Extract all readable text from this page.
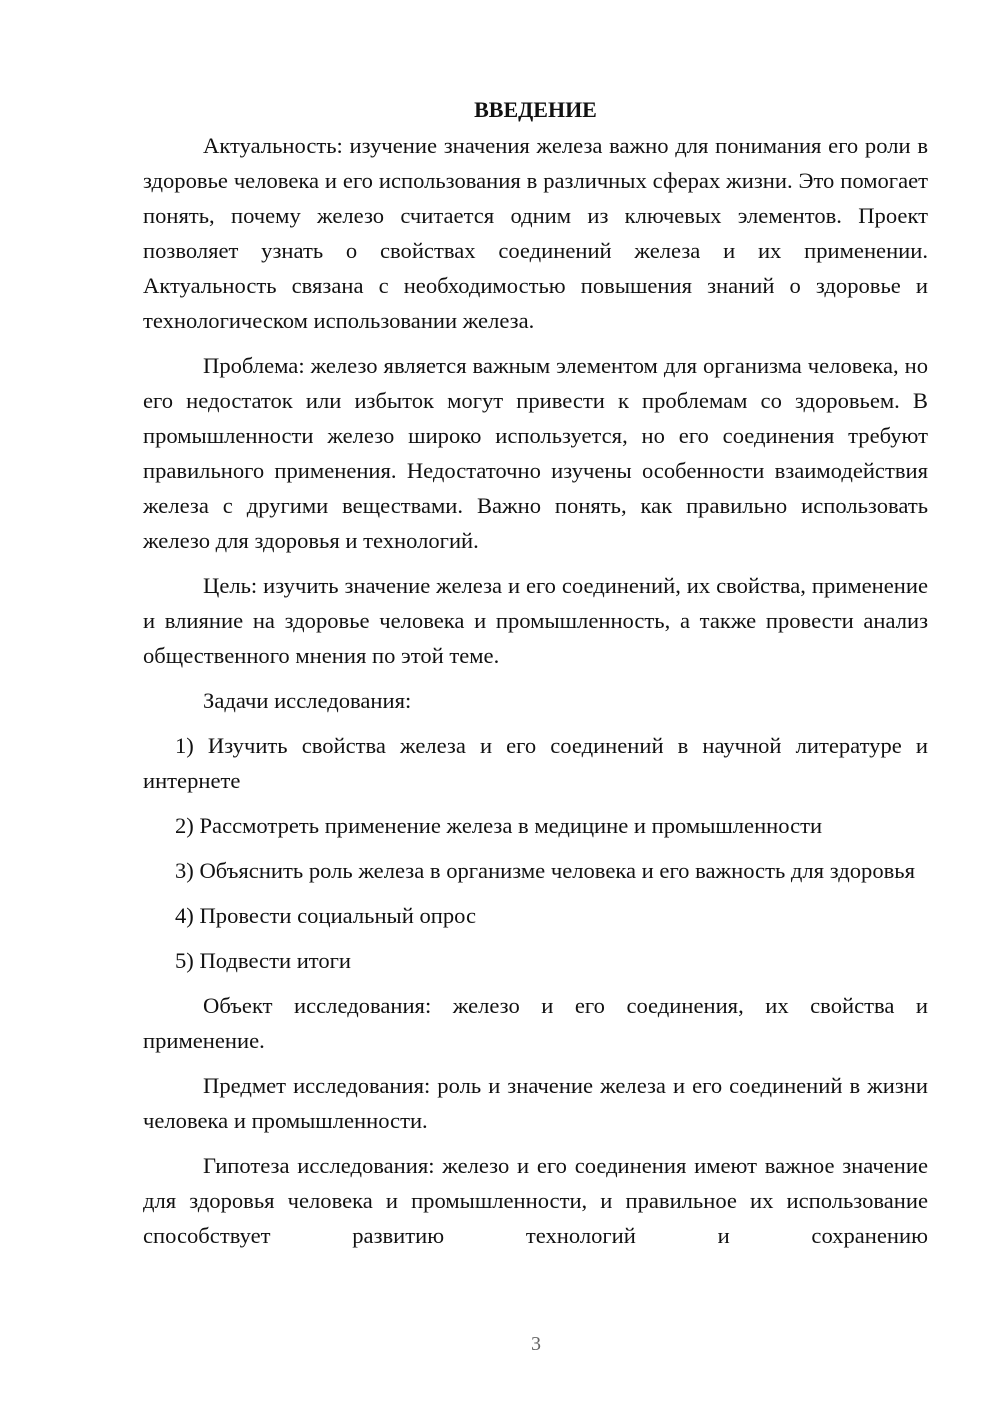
ВВЕДЕНИЕ

Актуальность: изучение значения железа важно для понимания его роли в здоровье человека и его использования в различных сферах жизни. Это помогает понять, почему железо считается одним из ключевых элементов. Проект позволяет узнать о свойствах соединений железа и их применении. Актуальность связана с необходимостью повышения знаний о здоровье и технологическом использовании железа.

Проблема: железо является важным элементом для организма человека, но его недостаток или избыток могут привести к проблемам со здоровьем. В промышленности железо широко используется, но его соединения требуют правильного применения. Недостаточно изучены особенности взаимодействия железа с другими веществами. Важно понять, как правильно использовать железо для здоровья и технологий.

Цель: изучить значение железа и его соединений, их свойства, применение и влияние на здоровье человека и промышленность, а также провести анализ общественного мнения по этой теме.

Задачи исследования:

1) Изучить свойства железа и его соединений в научной литературе и интернете

2) Рассмотреть применение железа в медицине и промышленности

3) Объяснить роль железа в организме человека и его важность для здоровья

4) Провести социальный опрос

5) Подвести итоги

Объект исследования: железо и его соединения, их свойства и применение.

Предмет исследования: роль и значение железа и его соединений в жизни человека и промышленности.

Гипотеза исследования: железо и его соединения имеют важное значение для здоровья человека и промышленности, и правильное их использование способствует развитию технологий и сохранению

3
